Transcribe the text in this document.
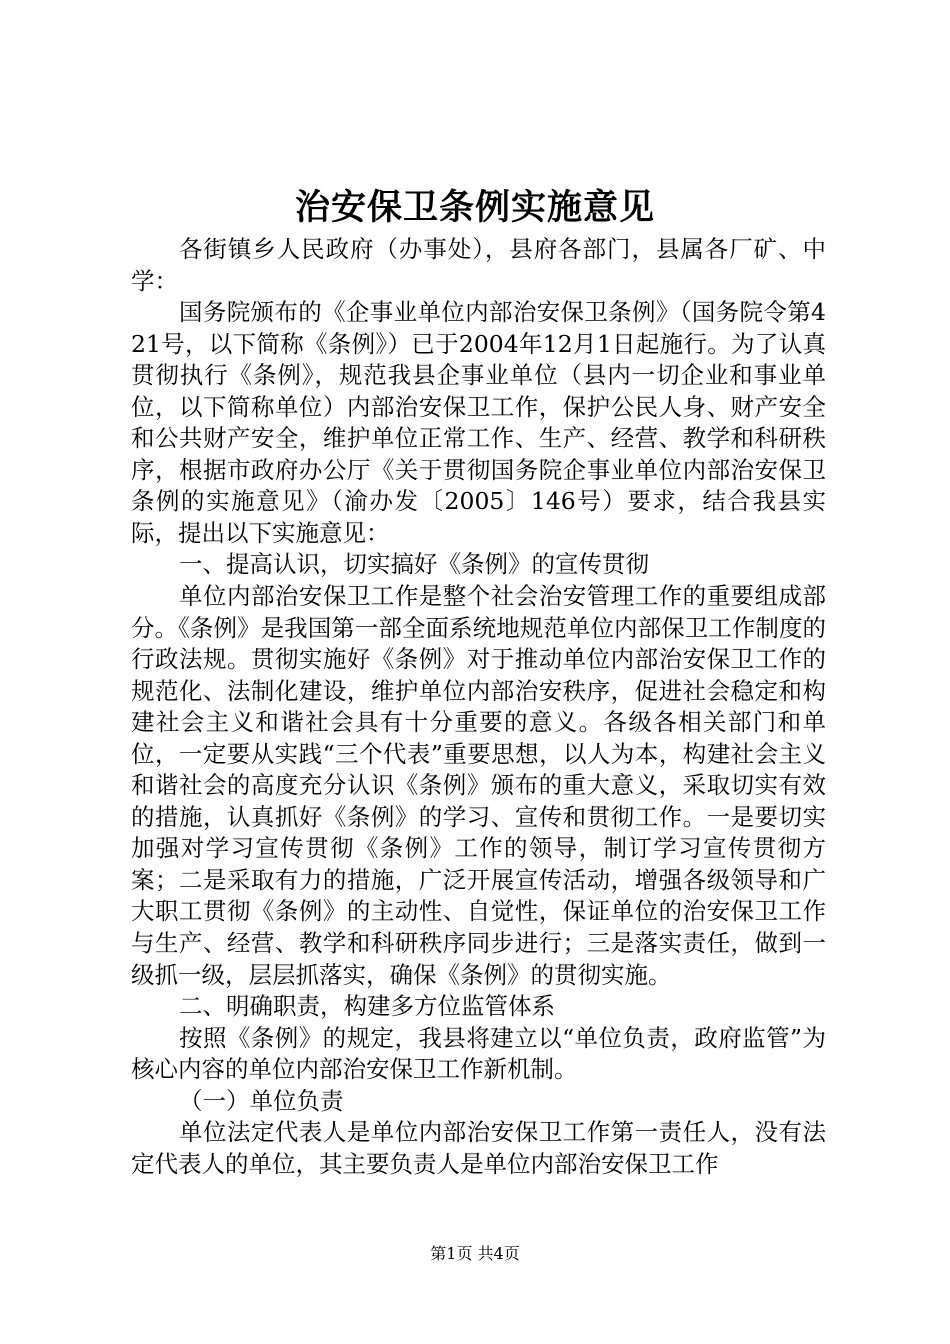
治安保卫条例实施意见

各街镇乡人民政府（办事处），县府各部门，县属各厂矿、中学：

国务院颁布的《企事业单位内部治安保卫条例》（国务院令第421号，以下简称《条例》）已于2004年12月1日起施行。为了认真贯彻执行《条例》，规范我县企事业单位（县内一切企业和事业单位，以下简称单位）内部治安保卫工作，保护公民人身、财产安全和公共财产安全，维护单位正常工作、生产、经营、教学和科研秩序，根据市政府办公厅《关于贯彻国务院企事业单位内部治安保卫条例的实施意见》（渝办发〔2005〕146号）要求，结合我县实际，提出以下实施意见：

一、提高认识，切实搞好《条例》的宣传贯彻

单位内部治安保卫工作是整个社会治安管理工作的重要组成部分。《条例》是我国第一部全面系统地规范单位内部保卫工作制度的行政法规。贯彻实施好《条例》对于推动单位内部治安保卫工作的规范化、法制化建设，维护单位内部治安秩序，促进社会稳定和构建社会主义和谐社会具有十分重要的意义。各级各相关部门和单位，一定要从实践“三个代表”重要思想，以人为本，构建社会主义和谐社会的高度充分认识《条例》颁布的重大意义，采取切实有效的措施，认真抓好《条例》的学习、宣传和贯彻工作。一是要切实加强对学习宣传贯彻《条例》工作的领导，制订学习宣传贯彻方案；二是采取有力的措施，广泛开展宣传活动，增强各级领导和广大职工贯彻《条例》的主动性、自觉性，保证单位的治安保卫工作与生产、经营、教学和科研秩序同步进行；三是落实责任，做到一级抓一级，层层抓落实，确保《条例》的贯彻实施。

二、明确职责，构建多方位监管体系

按照《条例》的规定，我县将建立以“单位负责，政府监管”为核心内容的单位内部治安保卫工作新机制。

（一）单位负责

单位法定代表人是单位内部治安保卫工作第一责任人，没有法定代表人的单位，其主要负责人是单位内部治安保卫工作

第1页 共4页
